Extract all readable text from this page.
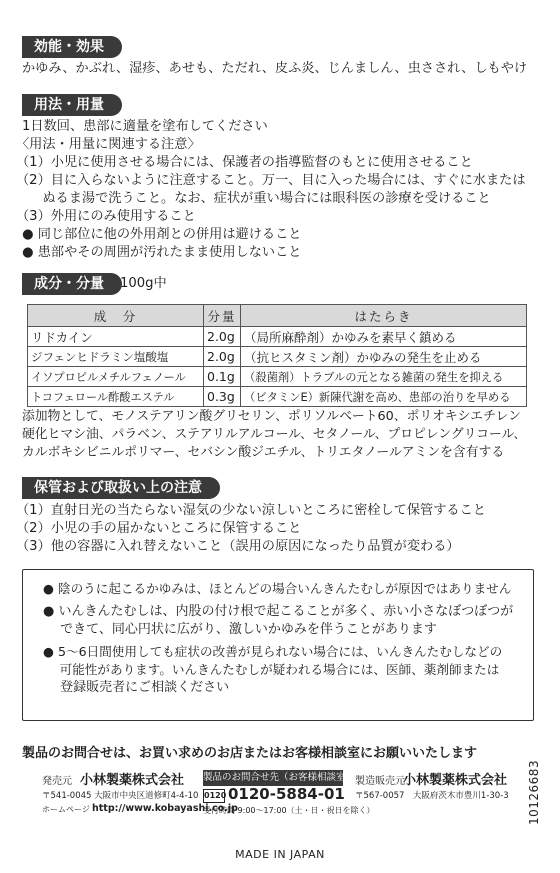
効能・効果
かゆみ、かぶれ、湿疹、あせも、ただれ、皮ふ炎、じんましん、虫さされ、しもやけ
用法・用量
1日数回、患部に適量を塗布してください
〈用法・用量に関連する注意〉
（1）小児に使用させる場合には、保護者の指導監督のもとに使用させること
（2）目に入らないように注意すること。万一、目に入った場合には、すぐに水または
　　ぬるま湯で洗うこと。なお、症状が重い場合には眼科医の診療を受けること
（3）外用にのみ使用すること
● 同じ部位に他の外用剤との併用は避けること
● 患部やその周囲が汚れたまま使用しないこと
成分・分量	100g中
成　分	分量	はたらき
リドカイン	2.0g	（局所麻酔剤）かゆみを素早く鎮める
ジフェンヒドラミン塩酸塩	2.0g	（抗ヒスタミン剤）かゆみの発生を止める
イソプロピルメチルフェノール	0.1g	（殺菌剤）トラブルの元となる雑菌の発生を抑える
トコフェロール酢酸エステル	0.3g	（ビタミンE）新陳代謝を高め、患部の治りを早める
添加物として、モノステアリン酸グリセリン、ポリソルベート60、ポリオキシエチレン
硬化ヒマシ油、パラベン、ステアリルアルコール、セタノール、プロピレングリコール、
カルボキシビニルポリマー、セバシン酸ジエチル、トリエタノールアミンを含有する
保管および取扱い上の注意
（1）直射日光の当たらない湿気の少ない涼しいところに密栓して保管すること
（2）小児の手の届かないところに保管すること
（3）他の容器に入れ替えないこと（誤用の原因になったり品質が変わる）
● 陰のうに起こるかゆみは、ほとんどの場合いんきんたむしが原因ではありません
● いんきんたむしは、内股の付け根で起こることが多く、赤い小さなぼつぼつが
　 できて、同心円状に広がり、激しいかゆみを伴うことがあります
● 5〜6日間使用しても症状の改善が見られない場合には、いんきんたむしなどの
　 可能性があります。いんきんたむしが疑われる場合には、医師、薬剤師または
　 登録販売者にご相談ください
製品のお問合せは、お買い求めのお店またはお客様相談室にお願いいたします
発売元 小林製薬株式会社
〒541-0045 大阪市中央区道修町4-4-10
ホームページ http://www.kobayashi.co.jp
製品のお問合せ先（お客様相談室）
0120 0120-5884-01
受付時間 9:00〜17:00（土・日・祝日を除く）
製造販売元
小林製薬株式会社
〒567-0057　大阪府茨木市豊川1-30-3 10126683
MADE IN JAPAN
